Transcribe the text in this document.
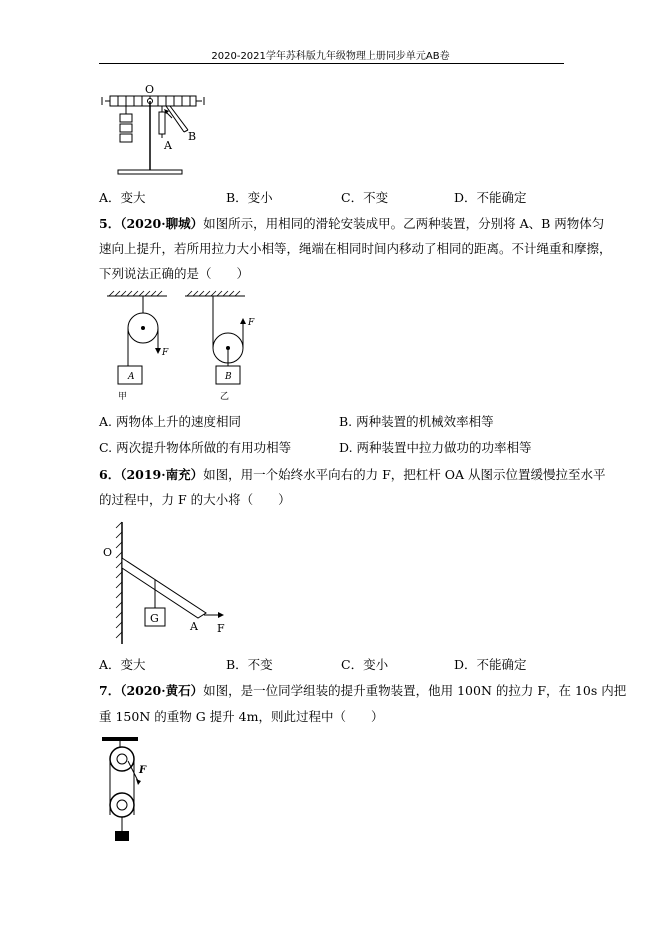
2020-2021学年苏科版九年级物理上册同步单元AB卷
O
A
B
A．变大	B．变小	C．不变	D．不能确定
5．（2020·聊城）如图所示，用相同的滑轮安装成甲。乙两种装置，分别将 A、B 两物体匀
速向上提升，若所用拉力大小相等，绳端在相同时间内移动了相同的距离。不计绳重和摩擦，
下列说法正确的是（　　）
F
A
甲
F
B
乙
A. 两物体上升的速度相同	B. 两种装置的机械效率相等
C. 两次提升物体所做的有用功相等	D. 两种装置中拉力做功的功率相等
6．（2019·南充）如图，用一个始终水平向右的力 F，把杠杆 OA 从图示位置缓慢拉至水平
的过程中，力 F 的大小将（　　）
O
G
A F
A．变大	B．不变	C．变小	D．不能确定
7．（2020·黄石）如图，是一位同学组装的提升重物装置，他用 100N 的拉力 F，在 10s 内把
重 150N 的重物 G 提升 4m，则此过程中（　　）
F
